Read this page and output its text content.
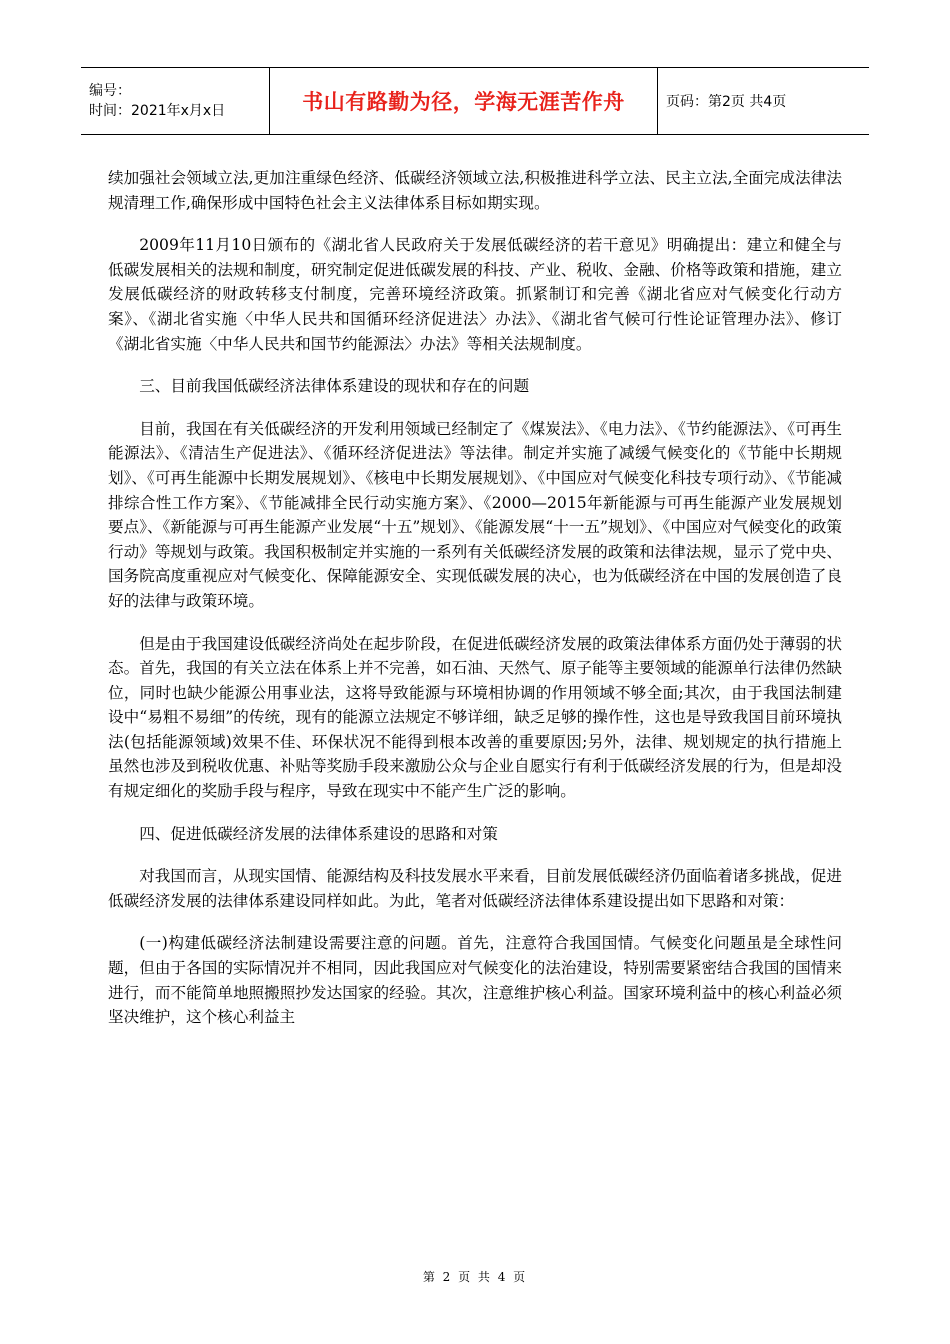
编号：
时间：2021年x月x日	书山有路勤为径，学海无涯苦作舟	页码：第2页 共4页

续加强社会领域立法,更加注重绿色经济、低碳经济领域立法,积极推进科学立法、民主立法,全面完成法律法规清理工作,确保形成中国特色社会主义法律体系目标如期实现。

2009年11月10日颁布的《湖北省人民政府关于发展低碳经济的若干意见》明确提出：建立和健全与低碳发展相关的法规和制度，研究制定促进低碳发展的科技、产业、税收、金融、价格等政策和措施，建立发展低碳经济的财政转移支付制度，完善环境经济政策。抓紧制订和完善《湖北省应对气候变化行动方案》、《湖北省实施〈中华人民共和国循环经济促进法〉办法》、《湖北省气候可行性论证管理办法》、修订《湖北省实施〈中华人民共和国节约能源法〉办法》等相关法规制度。

三、目前我国低碳经济法律体系建设的现状和存在的问题

目前，我国在有关低碳经济的开发利用领域已经制定了《煤炭法》、《电力法》、《节约能源法》、《可再生能源法》、《清洁生产促进法》、《循环经济促进法》等法律。制定并实施了减缓气候变化的《节能中长期规划》、《可再生能源中长期发展规划》、《核电中长期发展规划》、《中国应对气候变化科技专项行动》、《节能减排综合性工作方案》、《节能减排全民行动实施方案》、《2000—2015年新能源与可再生能源产业发展规划要点》、《新能源与可再生能源产业发展“十五”规划》、《能源发展“十一五”规划》、《中国应对气候变化的政策行动》等规划与政策。我国积极制定并实施的一系列有关低碳经济发展的政策和法律法规，显示了党中央、国务院高度重视应对气候变化、保障能源安全、实现低碳发展的决心，也为低碳经济在中国的发展创造了良好的法律与政策环境。

但是由于我国建设低碳经济尚处在起步阶段，在促进低碳经济发展的政策法律体系方面仍处于薄弱的状态。首先，我国的有关立法在体系上并不完善，如石油、天然气、原子能等主要领域的能源单行法律仍然缺位，同时也缺少能源公用事业法，这将导致能源与环境相协调的作用领域不够全面;其次，由于我国法制建设中“易粗不易细”的传统，现有的能源立法规定不够详细，缺乏足够的操作性，这也是导致我国目前环境执法(包括能源领域)效果不佳、环保状况不能得到根本改善的重要原因;另外，法律、规划规定的执行措施上虽然也涉及到税收优惠、补贴等奖励手段来激励公众与企业自愿实行有利于低碳经济发展的行为，但是却没有规定细化的奖励手段与程序，导致在现实中不能产生广泛的影响。

四、促进低碳经济发展的法律体系建设的思路和对策

对我国而言，从现实国情、能源结构及科技发展水平来看，目前发展低碳经济仍面临着诸多挑战，促进低碳经济发展的法律体系建设同样如此。为此，笔者对低碳经济法律体系建设提出如下思路和对策：

(一)构建低碳经济法制建设需要注意的问题。首先，注意符合我国国情。气候变化问题虽是全球性问题，但由于各国的实际情况并不相同，因此我国应对气候变化的法治建设，特别需要紧密结合我国的国情来进行，而不能简单地照搬照抄发达国家的经验。其次，注意维护核心利益。国家环境利益中的核心利益必须坚决维护，这个核心利益主

第 2 页 共 4 页
